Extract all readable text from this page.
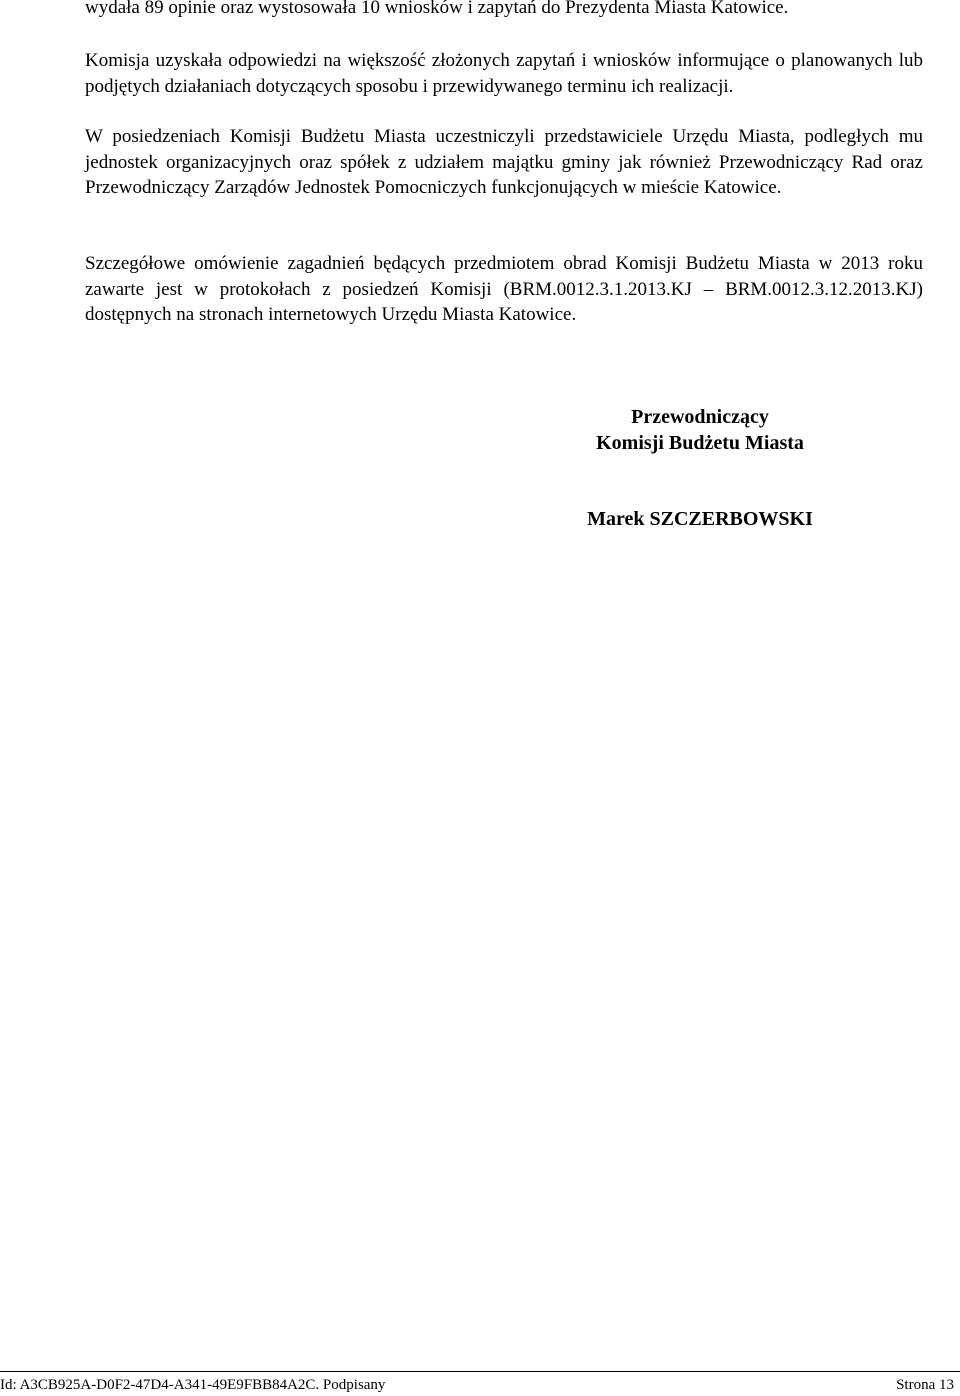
wydała 89 opinie oraz wystosowała 10 wniosków i zapytań do Prezydenta Miasta Katowice.

Komisja uzyskała odpowiedzi na większość złożonych zapytań i wniosków informujące o planowanych lub podjętych działaniach dotyczących sposobu i przewidywanego terminu ich realizacji.

W posiedzeniach Komisji Budżetu Miasta uczestniczyli przedstawiciele Urzędu Miasta, podległych mu jednostek organizacyjnych oraz spółek z udziałem majątku gminy jak również Przewodniczący Rad oraz Przewodniczący Zarządów Jednostek Pomocniczych funkcjonujących w mieście Katowice.

Szczegółowe omówienie zagadnień będących przedmiotem obrad Komisji Budżetu Miasta w 2013 roku zawarte jest w protokołach z posiedzeń Komisji (BRM.0012.3.1.2013.KJ – BRM.0012.3.12.2013.KJ) dostępnych na stronach internetowych Urzędu Miasta Katowice.

Przewodniczący

Komisji Budżetu Miasta

Marek SZCZERBOWSKI

Id: A3CB925A-D0F2-47D4-A341-49E9FBB84A2C. Podpisany	Strona 13
